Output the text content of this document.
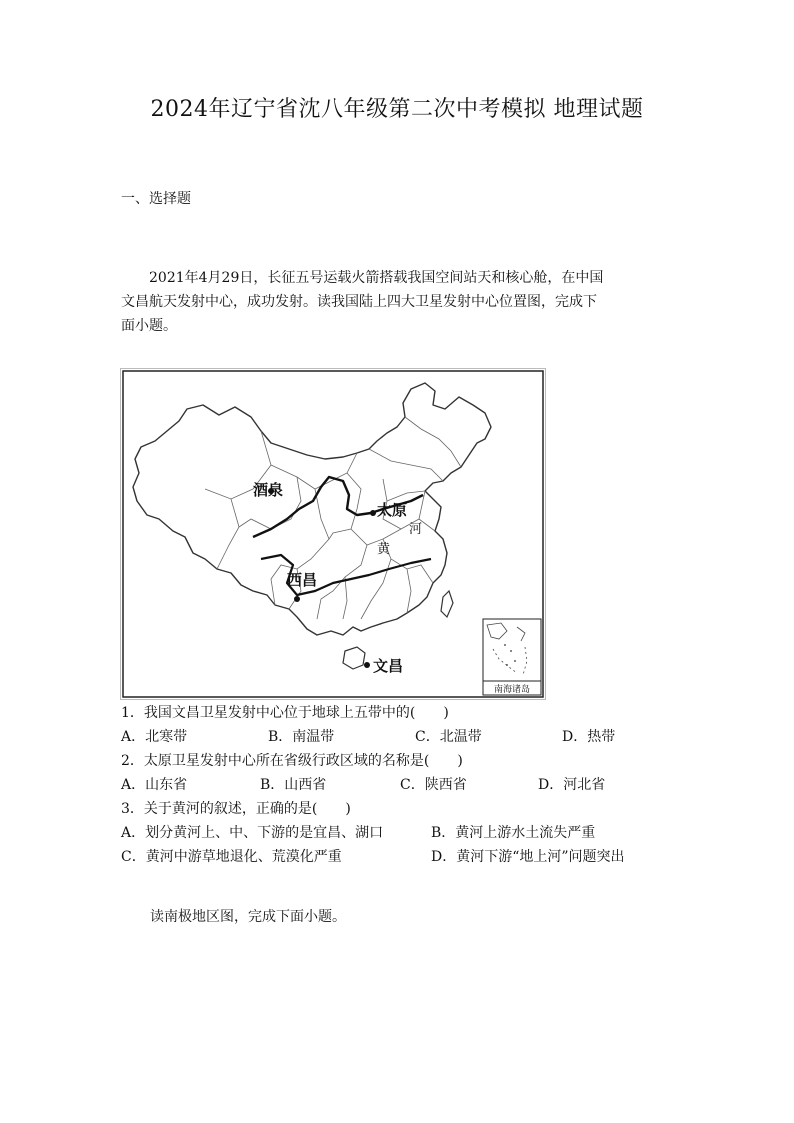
2024年辽宁省沈八年级第二次中考模拟 地理试题
一、选择题

2021年4月29日，长征五号运载火箭搭载我国空间站天和核心舱，在中国

文昌航天发射中心，成功发射。读我国陆上四大卫星发射中心位置图，完成下

面小题。

酒泉
太原
西昌
文昌
河
黄
南海诸岛
1．我国文昌卫星发射中心位于地球上五带中的(　　)
A．北寒带	B．南温带	C．北温带	D．热带
2．太原卫星发射中心所在省级行政区域的名称是(　　)
A．山东省	B．山西省	C．陕西省	D．河北省
3．关于黄河的叙述，正确的是(　　)
A．划分黄河上、中、下游的是宜昌、湖口	B．黄河上游水土流失严重
C．黄河中游草地退化、荒漠化严重	D．黄河下游“地上河”问题突出
读南极地区图，完成下面小题。
